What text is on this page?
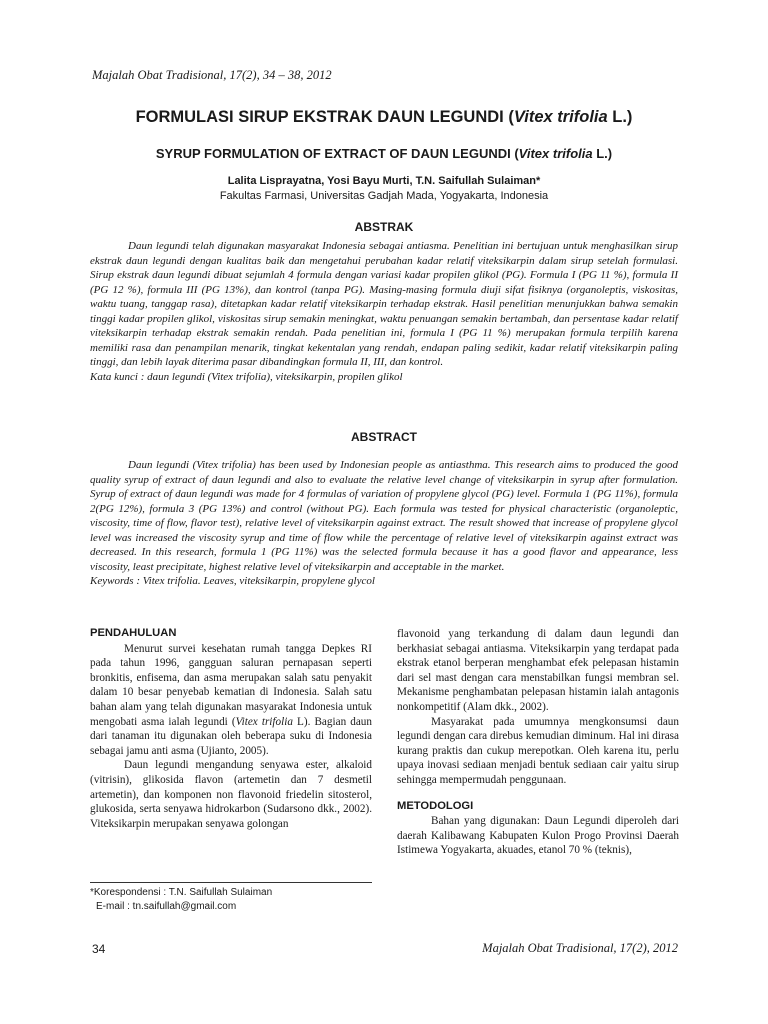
Majalah Obat Tradisional, 17(2), 34 – 38, 2012
FORMULASI SIRUP EKSTRAK DAUN LEGUNDI (Vitex trifolia L.)
SYRUP FORMULATION OF EXTRACT OF DAUN LEGUNDI (Vitex trifolia L.)
Lalita Lisprayatna, Yosi Bayu Murti, T.N. Saifullah Sulaiman*
Fakultas Farmasi, Universitas Gadjah Mada, Yogyakarta, Indonesia
ABSTRAK

Daun legundi telah digunakan masyarakat Indonesia sebagai antiasma. Penelitian ini bertujuan untuk menghasilkan sirup ekstrak daun legundi dengan kualitas baik dan mengetahui perubahan kadar relatif viteksikarpin dalam sirup setelah formulasi. Sirup ekstrak daun legundi dibuat sejumlah 4 formula dengan variasi kadar propilen glikol (PG). Formula I (PG 11 %), formula II (PG 12 %), formula III (PG 13%), dan kontrol (tanpa PG). Masing-masing formula diuji sifat fisiknya (organoleptis, viskositas, waktu tuang, tanggap rasa), ditetapkan kadar relatif viteksikarpin terhadap ekstrak. Hasil penelitian menunjukkan bahwa semakin tinggi kadar propilen glikol, viskositas sirup semakin meningkat, waktu penuangan semakin bertambah, dan persentase kadar relatif viteksikarpin terhadap ekstrak semakin rendah. Pada penelitian ini, formula I (PG 11 %) merupakan formula terpilih karena memiliki rasa dan penampilan menarik, tingkat kekentalan yang rendah, endapan paling sedikit, kadar relatif viteksikarpin paling tinggi, dan lebih layak diterima pasar dibandingkan formula II, III, dan kontrol.

Kata kunci : daun legundi (Vitex trifolia), viteksikarpin, propilen glikol

ABSTRACT

Daun legundi (Vitex trifolia) has been used by Indonesian people as antiasthma. This research aims to produced the good quality syrup of extract of daun legundi and also to evaluate the relative level change of viteksikarpin in syrup after formulation. Syrup of extract of daun legundi was made for 4 formulas of variation of propylene glycol (PG) level. Formula 1 (PG 11%), formula 2(PG 12%), formula 3 (PG 13%) and control (without PG). Each formula was tested for physical characteristic (organoleptic, viscosity, time of flow, flavor test), relative level of viteksikarpin against extract. The result showed that increase of propylene glycol level was increased the viscosity syrup and time of flow while the percentage of relative level of viteksikarpin against extract was decreased. In this research, formula 1 (PG 11%) was the selected formula because it has a good flavor and appearance, less viscosity, least precipitate, highest relative level of viteksikarpin and acceptable in the market.

Keywords : Vitex trifolia. Leaves, viteksikarpin, propylene glycol

PENDAHULUAN

Menurut survei kesehatan rumah tangga Depkes RI pada tahun 1996, gangguan saluran pernapasan seperti bronkitis, enfisema, dan asma merupakan salah satu penyakit dalam 10 besar penyebab kematian di Indonesia. Salah satu bahan alam yang telah digunakan masyarakat Indonesia untuk mengobati asma ialah legundi (Vitex trifolia L). Bagian daun dari tanaman itu digunakan oleh beberapa suku di Indonesia sebagai jamu anti asma (Ujianto, 2005).

Daun legundi mengandung senyawa ester, alkaloid (vitrisin), glikosida flavon (artemetin dan 7 desmetil artemetin), dan komponen non flavonoid friedelin sitosterol, glukosida, serta senyawa hidrokarbon (Sudarsono dkk., 2002). Viteksikarpin merupakan senyawa golongan

flavonoid yang terkandung di dalam daun legundi dan berkhasiat sebagai antiasma. Viteksikarpin yang terdapat pada ekstrak etanol berperan menghambat efek pelepasan histamin dari sel mast dengan cara menstabilkan fungsi membran sel. Mekanisme penghambatan pelepasan histamin ialah antagonis nonkompetitif (Alam dkk., 2002).

Masyarakat pada umumnya mengkonsumsi daun legundi dengan cara direbus kemudian diminum. Hal ini dirasa kurang praktis dan cukup merepotkan. Oleh karena itu, perlu upaya inovasi sediaan menjadi bentuk sediaan cair yaitu sirup sehingga mempermudah penggunaan.

METODOLOGI

Bahan yang digunakan: Daun Legundi diperoleh dari daerah Kalibawang Kabupaten Kulon Progo Provinsi Daerah Istimewa Yogyakarta, akuades, etanol 70 % (teknis),

*Korespondensi : T.N. Saifullah Sulaiman
E-mail : tn.saifullah@gmail.com
34	Majalah Obat Tradisional, 17(2), 2012
